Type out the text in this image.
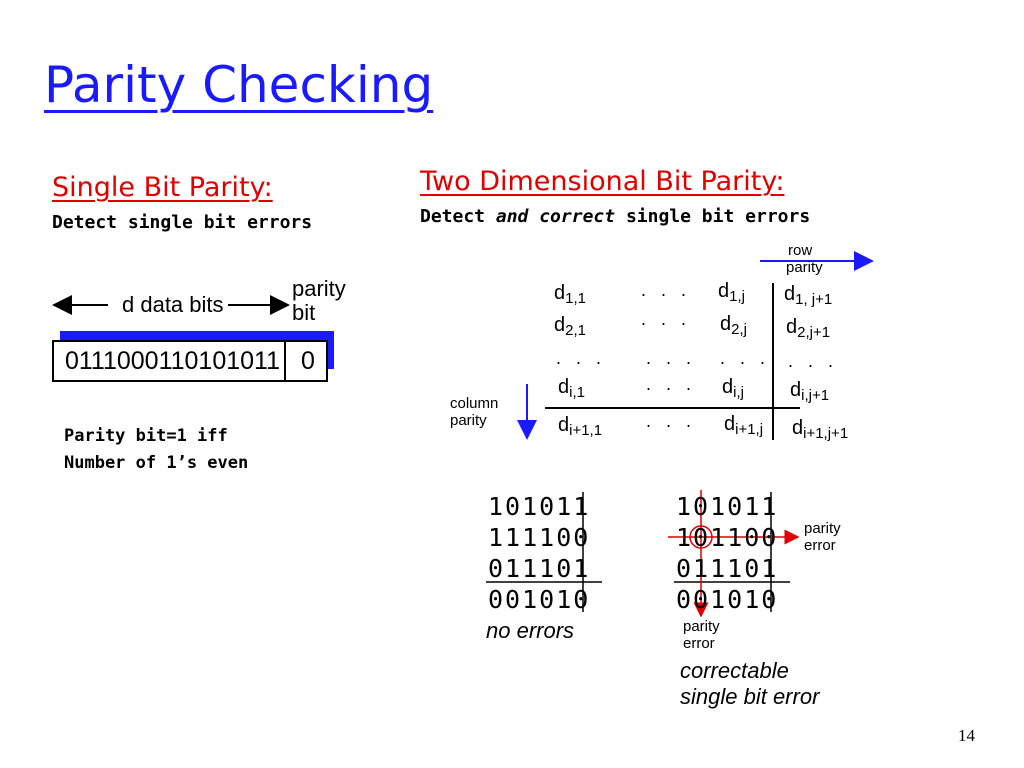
Parity Checking
Single Bit Parity:
Detect single bit errors
d data bits
parity
bit
0111000110101011 0
Parity bit=1 iff
Number of 1’s even
Two Dimensional Bit Parity:
Detect and correct single bit errors
row
parity
column
parity
$d_{1,1}$	. . . $d_{1,j}$ $d_{1, j+1}$
$d_{2,1}$
. . . $d_{2,j}$ $d_{2,j+1}$
. . . . . . . . . . . .
$d_{i,1}$	. . . $d_{i,j}$ $d_{i,j+1}$
$d_{i+1,1}$ . . . $d_{i+1,j}$ $d_{i+1,j+1}$
101011
111100
011101
001010
no errors
101011
101100
011101
001010
parity
error
parity
error
correctable
single bit error
14
